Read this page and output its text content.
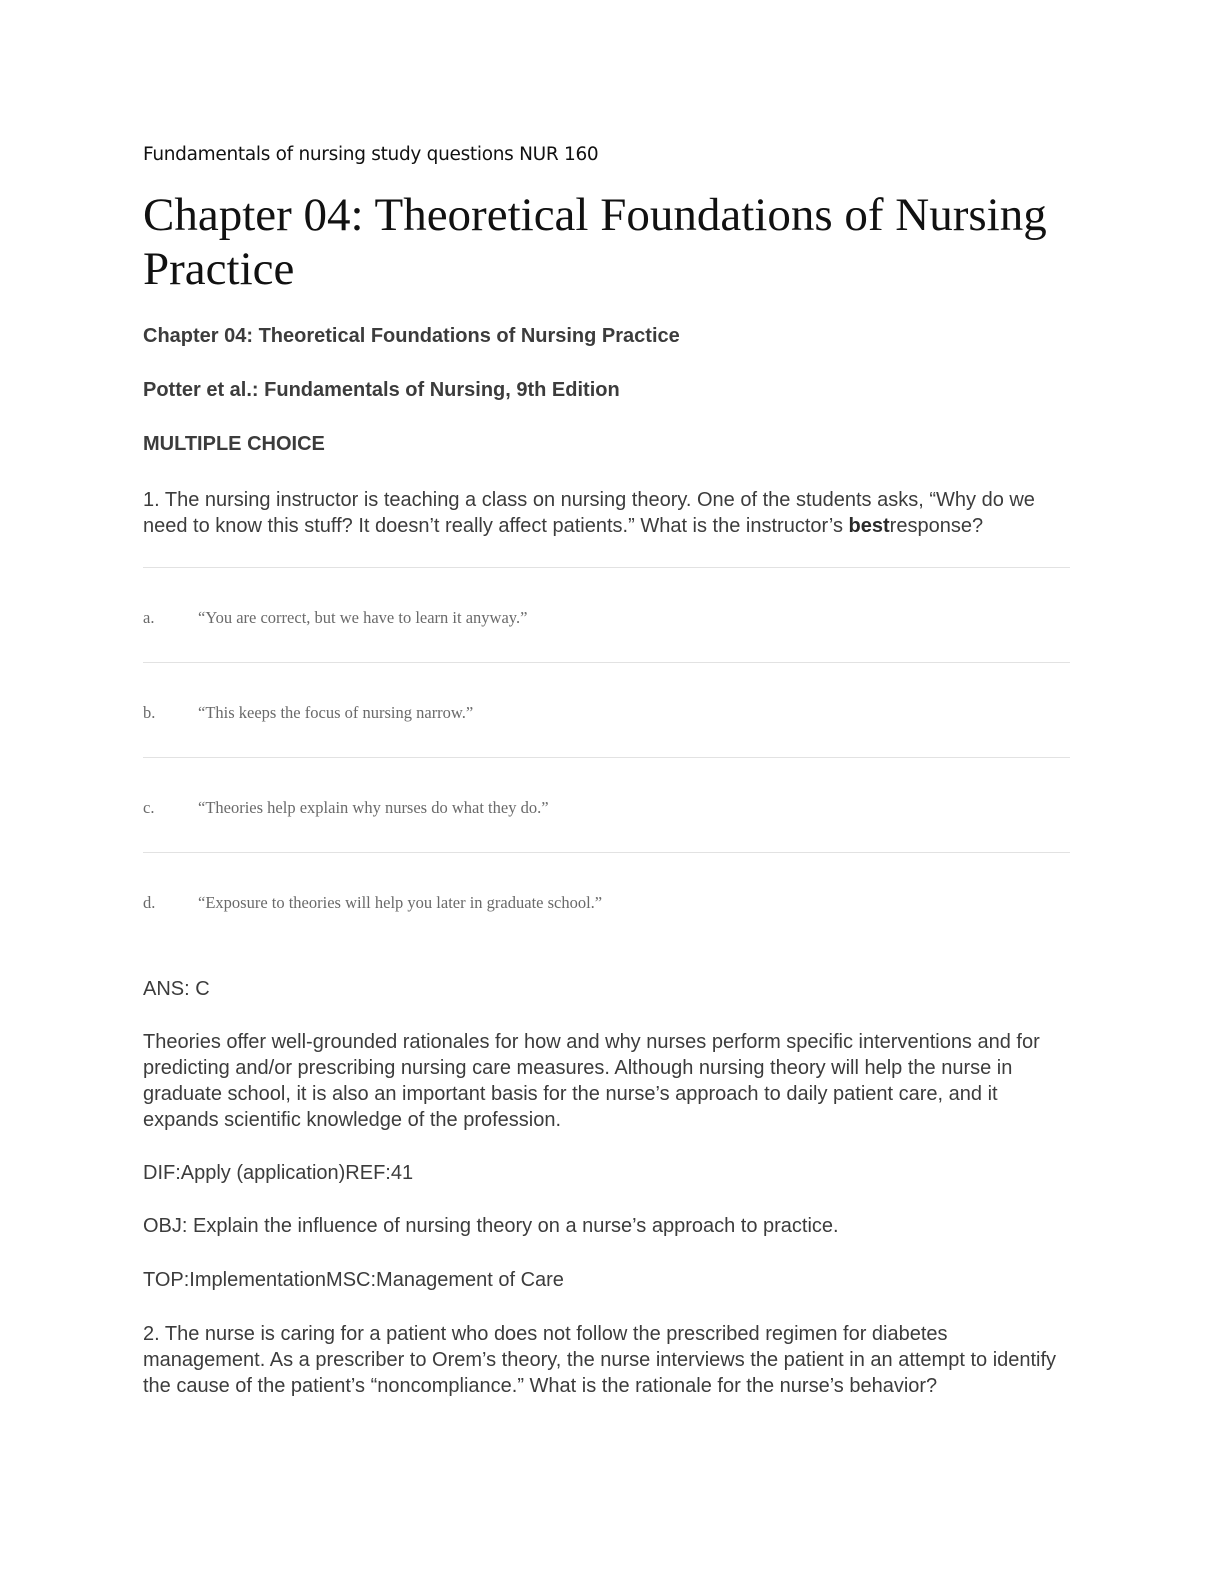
Fundamentals of nursing study questions NUR 160
Chapter 04: Theoretical Foundations of Nursing Practice
Chapter 04: Theoretical Foundations of Nursing Practice
Potter et al.: Fundamentals of Nursing, 9th Edition
MULTIPLE CHOICE
1. The nursing instructor is teaching a class on nursing theory. One of the students asks, “Why do we need to know this stuff? It doesn’t really affect patients.” What is the instructor’s bestresponse?
a.	“You are correct, but we have to learn it anyway.”
b.	“This keeps the focus of nursing narrow.”
c.	“Theories help explain why nurses do what they do.”
d.	“Exposure to theories will help you later in graduate school.”
ANS: C
Theories offer well-grounded rationales for how and why nurses perform specific interventions and for predicting and/or prescribing nursing care measures. Although nursing theory will help the nurse in graduate school, it is also an important basis for the nurse’s approach to daily patient care, and it expands scientific knowledge of the profession.
DIF:Apply (application)REF:41
OBJ: Explain the influence of nursing theory on a nurse’s approach to practice.
TOP:ImplementationMSC:Management of Care
2. The nurse is caring for a patient who does not follow the prescribed regimen for diabetes management. As a prescriber to Orem’s theory, the nurse interviews the patient in an attempt to identify the cause of the patient’s “noncompliance.” What is the rationale for the nurse’s behavior?
